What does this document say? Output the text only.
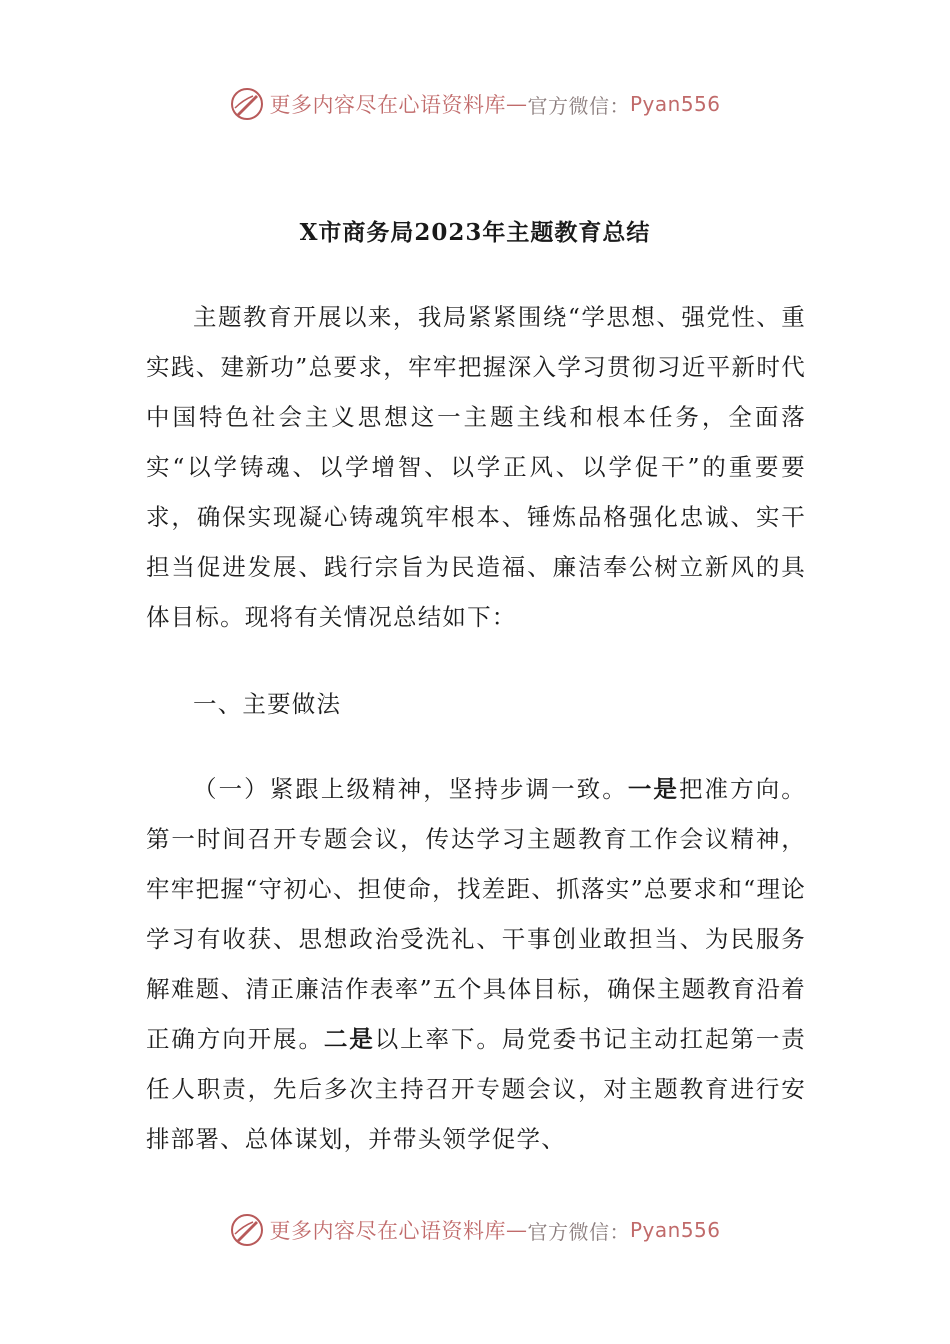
更多内容尽在心语资料库 — 官方微信： Pyan556
X市商务局2023年主题教育总结

主题教育开展以来，我局紧紧围绕“学思想、强党性、重实践、建新功”总要求，牢牢把握深入学习贯彻习近平新时代中国特色社会主义思想这一主题主线和根本任务，全面落实“以学铸魂、以学增智、以学正风、以学促干”的重要要求，确保实现凝心铸魂筑牢根本、锤炼品格强化忠诚、实干担当促进发展、践行宗旨为民造福、廉洁奉公树立新风的具体目标。现将有关情况总结如下：

一、主要做法

（一）紧跟上级精神，坚持步调一致。一是把准方向。第一时间召开专题会议，传达学习主题教育工作会议精神，牢牢把握“守初心、担使命，找差距、抓落实”总要求和“理论学习有收获、思想政治受洗礼、干事创业敢担当、为民服务解难题、清正廉洁作表率”五个具体目标，确保主题教育沿着正确方向开展。二是以上率下。局党委书记主动扛起第一责任人职责，先后多次主持召开专题会议，对主题教育进行安排部署、总体谋划，并带头领学促学、

更多内容尽在心语资料库 — 官方微信： Pyan556
